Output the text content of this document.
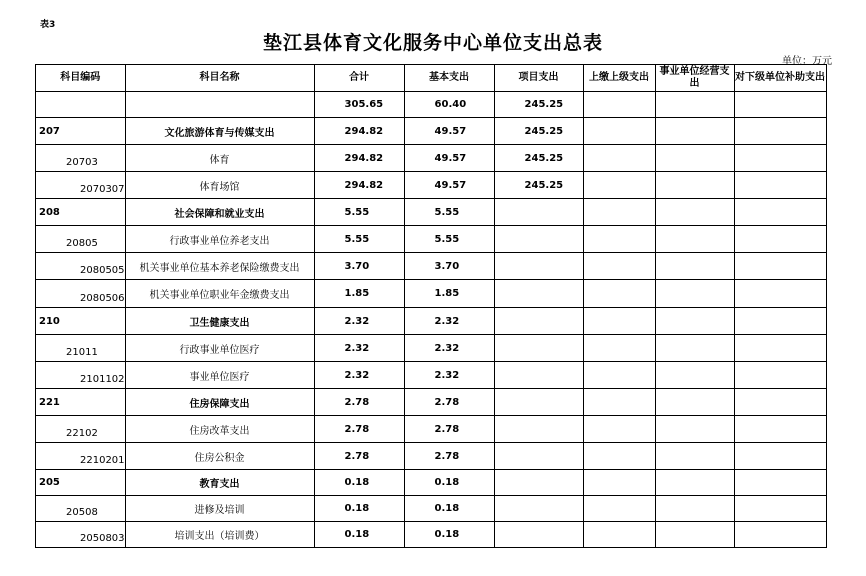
表3
垫江县体育文化服务中心单位支出总表
单位：万元
科目编码	科目名称	合计	基本支出	项目支出	上缴上级支出	事业单位经营支出	对下级单位补助支出
		305.65	60.40	245.25			
207	文化旅游体育与传媒支出	294.82	49.57	245.25			
20703	体育	294.82	49.57	245.25			
2070307	体育场馆	294.82	49.57	245.25			
208	社会保障和就业支出	5.55	5.55				
20805	行政事业单位养老支出	5.55	5.55				
2080505	机关事业单位基本养老保险缴费支出	3.70	3.70				
2080506	机关事业单位职业年金缴费支出	1.85	1.85				
210	卫生健康支出	2.32	2.32				
21011	行政事业单位医疗	2.32	2.32				
2101102	事业单位医疗	2.32	2.32				
221	住房保障支出	2.78	2.78				
22102	住房改革支出	2.78	2.78				
2210201	住房公积金	2.78	2.78				
205	教育支出	0.18	0.18				
20508	进修及培训	0.18	0.18				
2050803	培训支出（培训费）	0.18	0.18				
